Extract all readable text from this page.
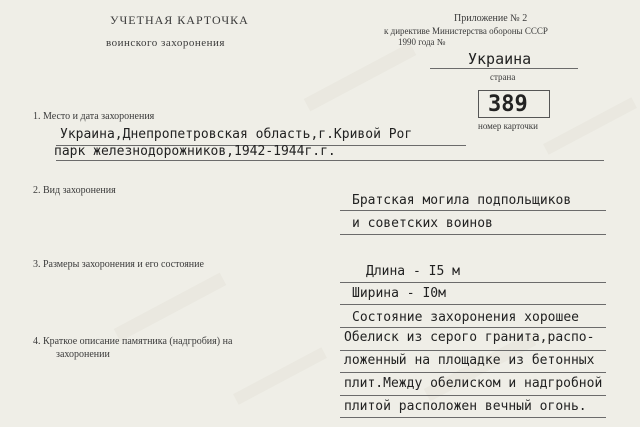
УЧЕТНАЯ КАРТОЧКА
воинского захоронения
Приложение № 2
к директиве Министерства обороны СССР
1990 года №
Украина
страна
389
номер карточки
1. Место и дата захоронения
Украина,Днепропетровская область,г.Кривой Рог
парк железнодорожников,1942-1944г.г.
2. Вид захоронения
Братская могила подпольщиков
и советских воинов
3. Размеры захоронения и его состояние	Длина - I5 м
Ширина - I0м
4. Краткое описание памятника (надгробия) на
захоронении
Состояние захоронения хорошее
Обелиск из серого гранита,распо-
ложенный на площадке из бетонных
плит.Между обелиском и надгробной
плитой расположен вечный огонь.
